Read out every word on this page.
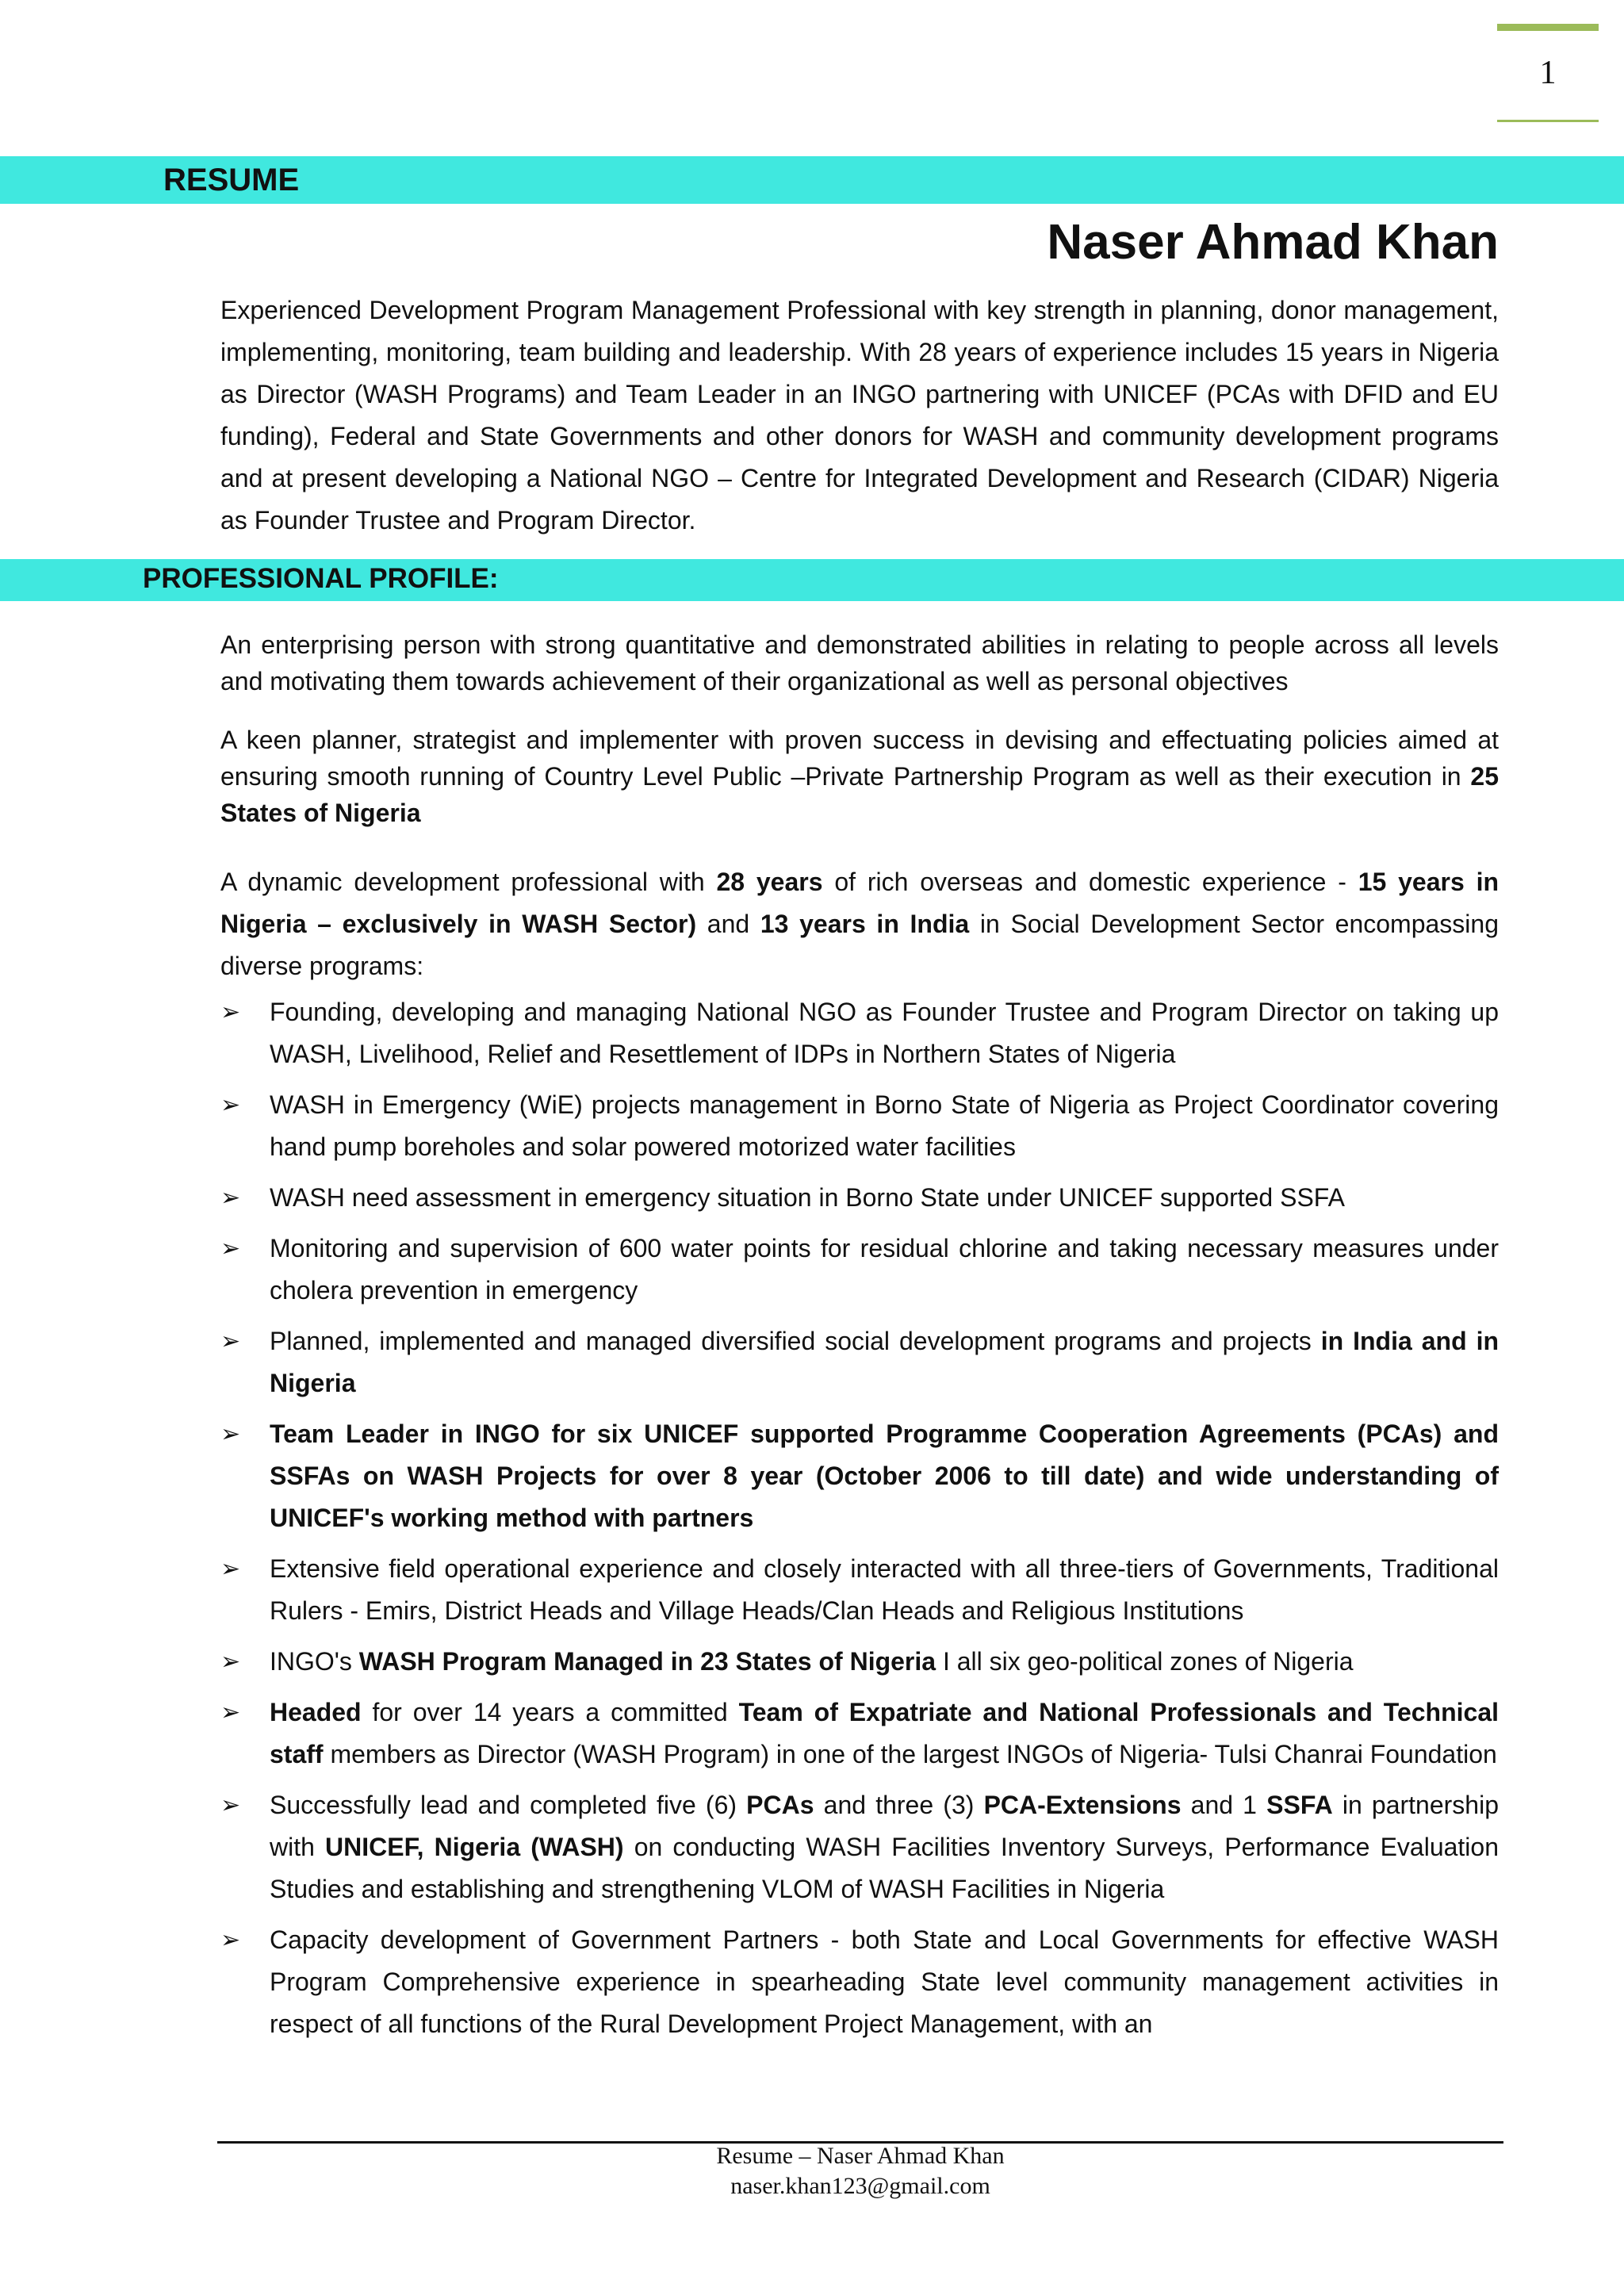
1
RESUME
Naser Ahmad Khan

Experienced Development Program Management Professional with key strength in planning, donor management, implementing, monitoring, team building and leadership. With 28 years of experience includes 15 years in Nigeria as Director (WASH Programs) and Team Leader in an INGO partnering with UNICEF (PCAs with DFID and EU funding), Federal and State Governments and other donors for WASH and community development programs and at present developing a National NGO – Centre for Integrated Development and Research (CIDAR) Nigeria as Founder Trustee and Program Director.

PROFESSIONAL PROFILE:

An enterprising person with strong quantitative and demonstrated abilities in relating to people across all levels and motivating them towards achievement of their organizational as well as personal objectives

A keen planner, strategist and implementer with proven success in devising and effectuating policies aimed at ensuring smooth running of Country Level Public –Private Partnership Program as well as their execution in 25 States of Nigeria

A dynamic development professional with 28 years of rich overseas and domestic experience - 15 years in Nigeria – exclusively in WASH Sector) and 13 years in India in Social Development Sector encompassing diverse programs:

➢ Founding, developing and managing National NGO as Founder Trustee and Program Director on taking up WASH, Livelihood, Relief and Resettlement of IDPs in Northern States of Nigeria
➢ WASH in Emergency (WiE) projects management in Borno State of Nigeria as Project Coordinator covering hand pump boreholes and solar powered motorized water facilities
➢ WASH need assessment in emergency situation in Borno State under UNICEF supported SSFA
➢ Monitoring and supervision of 600 water points for residual chlorine and taking necessary measures under cholera prevention in emergency
➢ Planned, implemented and managed diversified social development programs and projects in India and in Nigeria
➢ Team Leader in INGO for six UNICEF supported Programme Cooperation Agreements (PCAs) and SSFAs on WASH Projects for over 8 year (October 2006 to till date) and wide understanding of UNICEF's working method with partners
➢ Extensive field operational experience and closely interacted with all three-tiers of Governments, Traditional Rulers - Emirs, District Heads and Village Heads/Clan Heads and Religious Institutions
➢ INGO's WASH Program Managed in 23 States of Nigeria I all six geo-political zones of Nigeria
➢ Headed for over 14 years a committed Team of Expatriate and National Professionals and Technical staff members as Director (WASH Program) in one of the largest INGOs of Nigeria- Tulsi Chanrai Foundation
➢ Successfully lead and completed five (6) PCAs and three (3) PCA-Extensions and 1 SSFA in partnership with UNICEF, Nigeria (WASH) on conducting WASH Facilities Inventory Surveys, Performance Evaluation Studies and establishing and strengthening VLOM of WASH Facilities in Nigeria
➢ Capacity development of Government Partners - both State and Local Governments for effective WASH Program Comprehensive experience in spearheading State level community management activities in respect of all functions of the Rural Development Project Management, with an
Resume – Naser Ahmad Khan
naser.khan123@gmail.com
